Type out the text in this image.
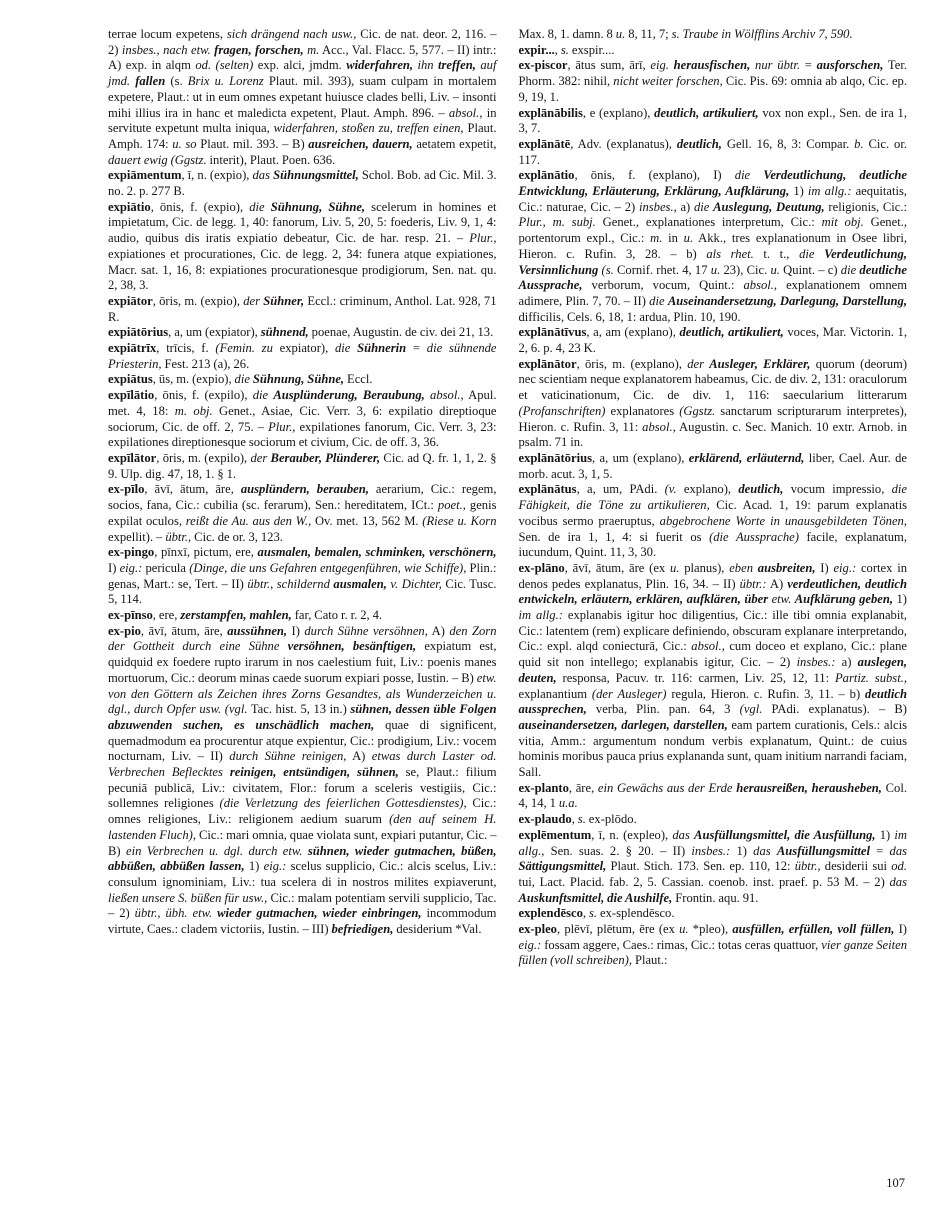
terrae locum expetens, sich drängend nach usw., Cic. de nat. deor. 2, 116. – 2) insbes., nach etw. fragen, forschen, m. Acc., Val. Flacc. 5, 577. – II) intr.: A) exp. in alqm od. (selten) exp. alci, jmdm. widerfahren, ihn treffen, auf jmd. fallen (s. Brix u. Lorenz Plaut. mil. 393), suam culpam in mortalem expetere, Plaut.: ut in eum omnes expetant huiusce clades belli, Liv. – insonti mihi illius ira in hanc et maledicta expetent, Plaut. Amph. 896. – absol., in servitute expetunt multa iniqua, widerfahren, stoßen zu, treffen einen, Plaut. Amph. 174: u. so Plaut. mil. 393. – B) ausreichen, dauern, aetatem expetit, dauert ewig (Ggstz. interit), Plaut. Poen. 636.

expiāmentum, ī, n. (expio), das Sühnungsmittel, Schol. Bob. ad Cic. Mil. 3. no. 2. p. 277 B.

expiātio, ōnis, f. (expio), die Sühnung, Sühne, scelerum in homines et impietatum, Cic. de legg. 1, 40: fanorum, Liv. 5, 20, 5: foederis, Liv. 9, 1, 4: audio, quibus dis iratis expiatio debeatur, Cic. de har. resp. 21. – Plur., expiationes et procurationes, Cic. de legg. 2, 34: funera atque expiationes, Macr. sat. 1, 16, 8: expiationes procurationesque prodigiorum, Sen. nat. qu. 2, 38, 3.

expiātor, ōris, m. (expio), der Sühner, Eccl.: criminum, Anthol. Lat. 928, 71 R.

expiātōrius, a, um (expiator), sühnend, poenae, Augustin. de civ. dei 21, 13.

expiātrīx, trīcis, f. (Femin. zu expiator), die Sühnerin = die sühnende Priesterin, Fest. 213 (a), 26.

expiātus, ūs, m. (expio), die Sühnung, Sühne, Eccl.

expīlātio, ōnis, f. (expilo), die Ausplünderung, Beraubung, absol., Apul. met. 4, 18: m. obj. Genet., Asiae, Cic. Verr. 3, 6: expilatio direptioque sociorum, Cic. de off. 2, 75. – Plur., expilationes fanorum, Cic. Verr. 3, 23: expilationes direptionesque sociorum et civium, Cic. de off. 3, 36.

expīlātor, ōris, m. (expilo), der Berauber, Plünderer, Cic. ad Q. fr. 1, 1, 2. § 9. Ulp. dig. 47, 18, 1. § 1.

ex-pīlo, āvī, ātum, āre, ausplündern, berauben, aerarium, Cic.: regem, socios, fana, Cic.: cubilia (sc. ferarum), Sen.: hereditatem, ICt.: poet., genis expilat oculos, reißt die Au. aus den W., Ov. met. 13, 562 M. (Riese u. Korn expellit). – übtr., Cic. de or. 3, 123.

ex-pingo, pīnxī, pictum, ere, ausmalen, bemalen, schminken, verschönern, I) eig.: pericula (Dinge, die uns Gefahren entgegenführen, wie Schiffe), Plin.: genas, Mart.: se, Tert. – II) übtr., schildernd ausmalen, v. Dichter, Cic. Tusc. 5, 114.

ex-pīnso, ere, zerstampfen, mahlen, far, Cato r. r. 2, 4.

ex-pio, āvī, ātum, āre, aussühnen, I) durch Sühne versöhnen, A) den Zorn der Gottheit durch eine Sühne versöhnen, besänftigen, expiatum est, quidquid ex foedere rupto irarum in nos caelestium fuit, Liv.: poenis manes mortuorum, Cic.: deorum minas caede suorum expiari posse, Iustin. – B) etw. von den Göttern als Zeichen ihres Zorns Gesandtes, als Wunderzeichen u. dgl., durch Opfer usw. (vgl. Tac. hist. 5, 13 in.) sühnen, dessen üble Folgen abzuwenden suchen, es unschädlich machen, quae di significent, quemadmodum ea procurentur atque expientur, Cic.: prodigium, Liv.: vocem nocturnam, Liv. – II) durch Sühne reinigen, A) etwas durch Laster od. Verbrechen Beflecktes reinigen, entsündigen, sühnen, se, Plaut.: filium pecuniā publicā, Liv.: civitatem, Flor.: forum a sceleris vestigiis, Cic.: sollemnes religiones (die Verletzung des feierlichen Gottesdienstes), Cic.: omnes religiones, Liv.: religionem aedium suarum (den auf seinem H. lastenden Fluch), Cic.: mari omnia, quae violata sunt, expiari putantur, Cic. – B) ein Verbrechen u. dgl. durch etw. sühnen, wieder gutmachen, büßen, abbüßen, abbüßen lassen, 1) eig.: scelus supplicio, Cic.: alcis scelus, Liv.: consulum ignominiam, Liv.: tua scelera di in nostros milites expiaverunt, ließen unsere S. büßen für usw., Cic.: malam potentiam servili supplicio, Tac. – 2) übtr., übh. etw. wieder gutmachen, wieder einbringen, incommodum virtute, Caes.: cladem victoriis, Iustin. – III) befriedigen, desiderium *Val.

Max. 8, 1. damn. 8 u. 8, 11, 7; s. Traube in Wölfflins Archiv 7, 590.

expir..., s. exspir....

ex-piscor, ātus sum, ārī, eig. herausfischen, nur übtr. = ausforschen, Ter. Phorm. 382: nihil, nicht weiter forschen, Cic. Pis. 69: omnia ab alqo, Cic. ep. 9, 19, 1.

explānābilis, e (explano), deutlich, artikuliert, vox non expl., Sen. de ira 1, 3, 7.

explānātē, Adv. (explanatus), deutlich, Gell. 16, 8, 3: Compar. b. Cic. or. 117.

explānātio, ōnis, f. (explano), I) die Verdeutlichung, deutliche Entwicklung, Erläuterung, Erklärung, Aufklärung, 1) im allg.: aequitatis, Cic.: naturae, Cic. – 2) insbes., a) die Auslegung, Deutung, religionis, Cic.: Plur., m. subj. Genet., explanationes interpretum, Cic.: mit obj. Genet., portentorum expl., Cic.: m. in u. Akk., tres explanationum in Osee libri, Hieron. c. Rufin. 3, 28. – b) als rhet. t. t., die Verdeutlichung, Versinnlichung (s. Cornif. rhet. 4, 17 u. 23), Cic. u. Quint. – c) die deutliche Aussprache, verborum, vocum, Quint.: absol., explanationem omnem adimere, Plin. 7, 70. – II) die Auseinandersetzung, Darlegung, Darstellung, difficilis, Cels. 6, 18, 1: ardua, Plin. 10, 190.

explānātīvus, a, am (explano), deutlich, artikuliert, voces, Mar. Victorin. 1, 2, 6. p. 4, 23 K.

explānātor, ōris, m. (explano), der Ausleger, Erklärer, quorum (deorum) nec scientiam neque explanatorem habeamus, Cic. de div. 2, 131: oraculorum et vaticinationum, Cic. de div. 1, 116: saecularium litterarum (Profanschriften) explanatores (Ggstz. sanctarum scripturarum interpretes), Hieron. c. Rufin. 3, 11: absol., Augustin. c. Sec. Manich. 10 extr. Arnob. in psalm. 71 in.

explānātōrius, a, um (explano), erklärend, erläuternd, liber, Cael. Aur. de morb. acut. 3, 1, 5.

explānātus, a, um, PAdi. (v. explano), deutlich, vocum impressio, die Fähigkeit, die Töne zu artikulieren, Cic. Acad. 1, 19: parum explanatis vocibus sermo praeruptus, abgebrochene Worte in unausgebildeten Tönen, Sen. de ira 1, 1, 4: si fuerit os (die Aussprache) facile, explanatum, iucundum, Quint. 11, 3, 30.

ex-plāno, āvī, ātum, āre (ex u. planus), eben ausbreiten, I) eig.: cortex in denos pedes explanatus, Plin. 16, 34. – II) übtr.: A) verdeutlichen, deutlich entwickeln, erläutern, erklären, aufklären, über etw. Aufklärung geben, 1) im allg.: explanabis igitur hoc diligentius, Cic.: ille tibi omnia explanabit, Cic.: latentem (rem) explicare definiendo, obscuram explanare interpretando, Cic.: expl. alqd coniecturā, Cic.: absol., cum doceo et explano, Cic.: plane quid sit non intellego; explanabis igitur, Cic. – 2) insbes.: a) auslegen, deuten, responsa, Pacuv. tr. 116: carmen, Liv. 25, 12, 11: Partiz. subst., explanantium (der Ausleger) regula, Hieron. c. Rufin. 3, 11. – b) deutlich aussprechen, verba, Plin. pan. 64, 3 (vgl. PAdi. explanatus). – B) auseinandersetzen, darlegen, darstellen, eam partem curationis, Cels.: alcis vitia, Amm.: argumentum nondum verbis explanatum, Quint.: de cuius hominis moribus pauca prius explananda sunt, quam initium narrandi faciam, Sall.

ex-planto, āre, ein Gewächs aus der Erde herausreißen, herausheben, Col. 4, 14, 1 u.a.

ex-plaudo, s. ex-plōdo.

explēmentum, ī, n. (expleo), das Ausfüllungsmittel, die Ausfüllung, 1) im allg., Sen. suas. 2. § 20. – II) insbes.: 1) das Ausfüllungsmittel = das Sättigungsmittel, Plaut. Stich. 173. Sen. ep. 110, 12: übtr., desiderii sui od. tui, Lact. Placid. fab. 2, 5. Cassian. coenob. inst. praef. p. 53 M. – 2) das Auskunftsmittel, die Aushilfe, Frontin. aqu. 91.

explendēsco, s. ex-splendēsco.

ex-pleo, plēvī, plētum, ēre (ex u. *pleo), ausfüllen, erfüllen, voll füllen, I) eig.: fossam aggere, Caes.: rimas, Cic.: totas ceras quattuor, vier ganze Seiten füllen (voll schreiben), Plaut.:

107
